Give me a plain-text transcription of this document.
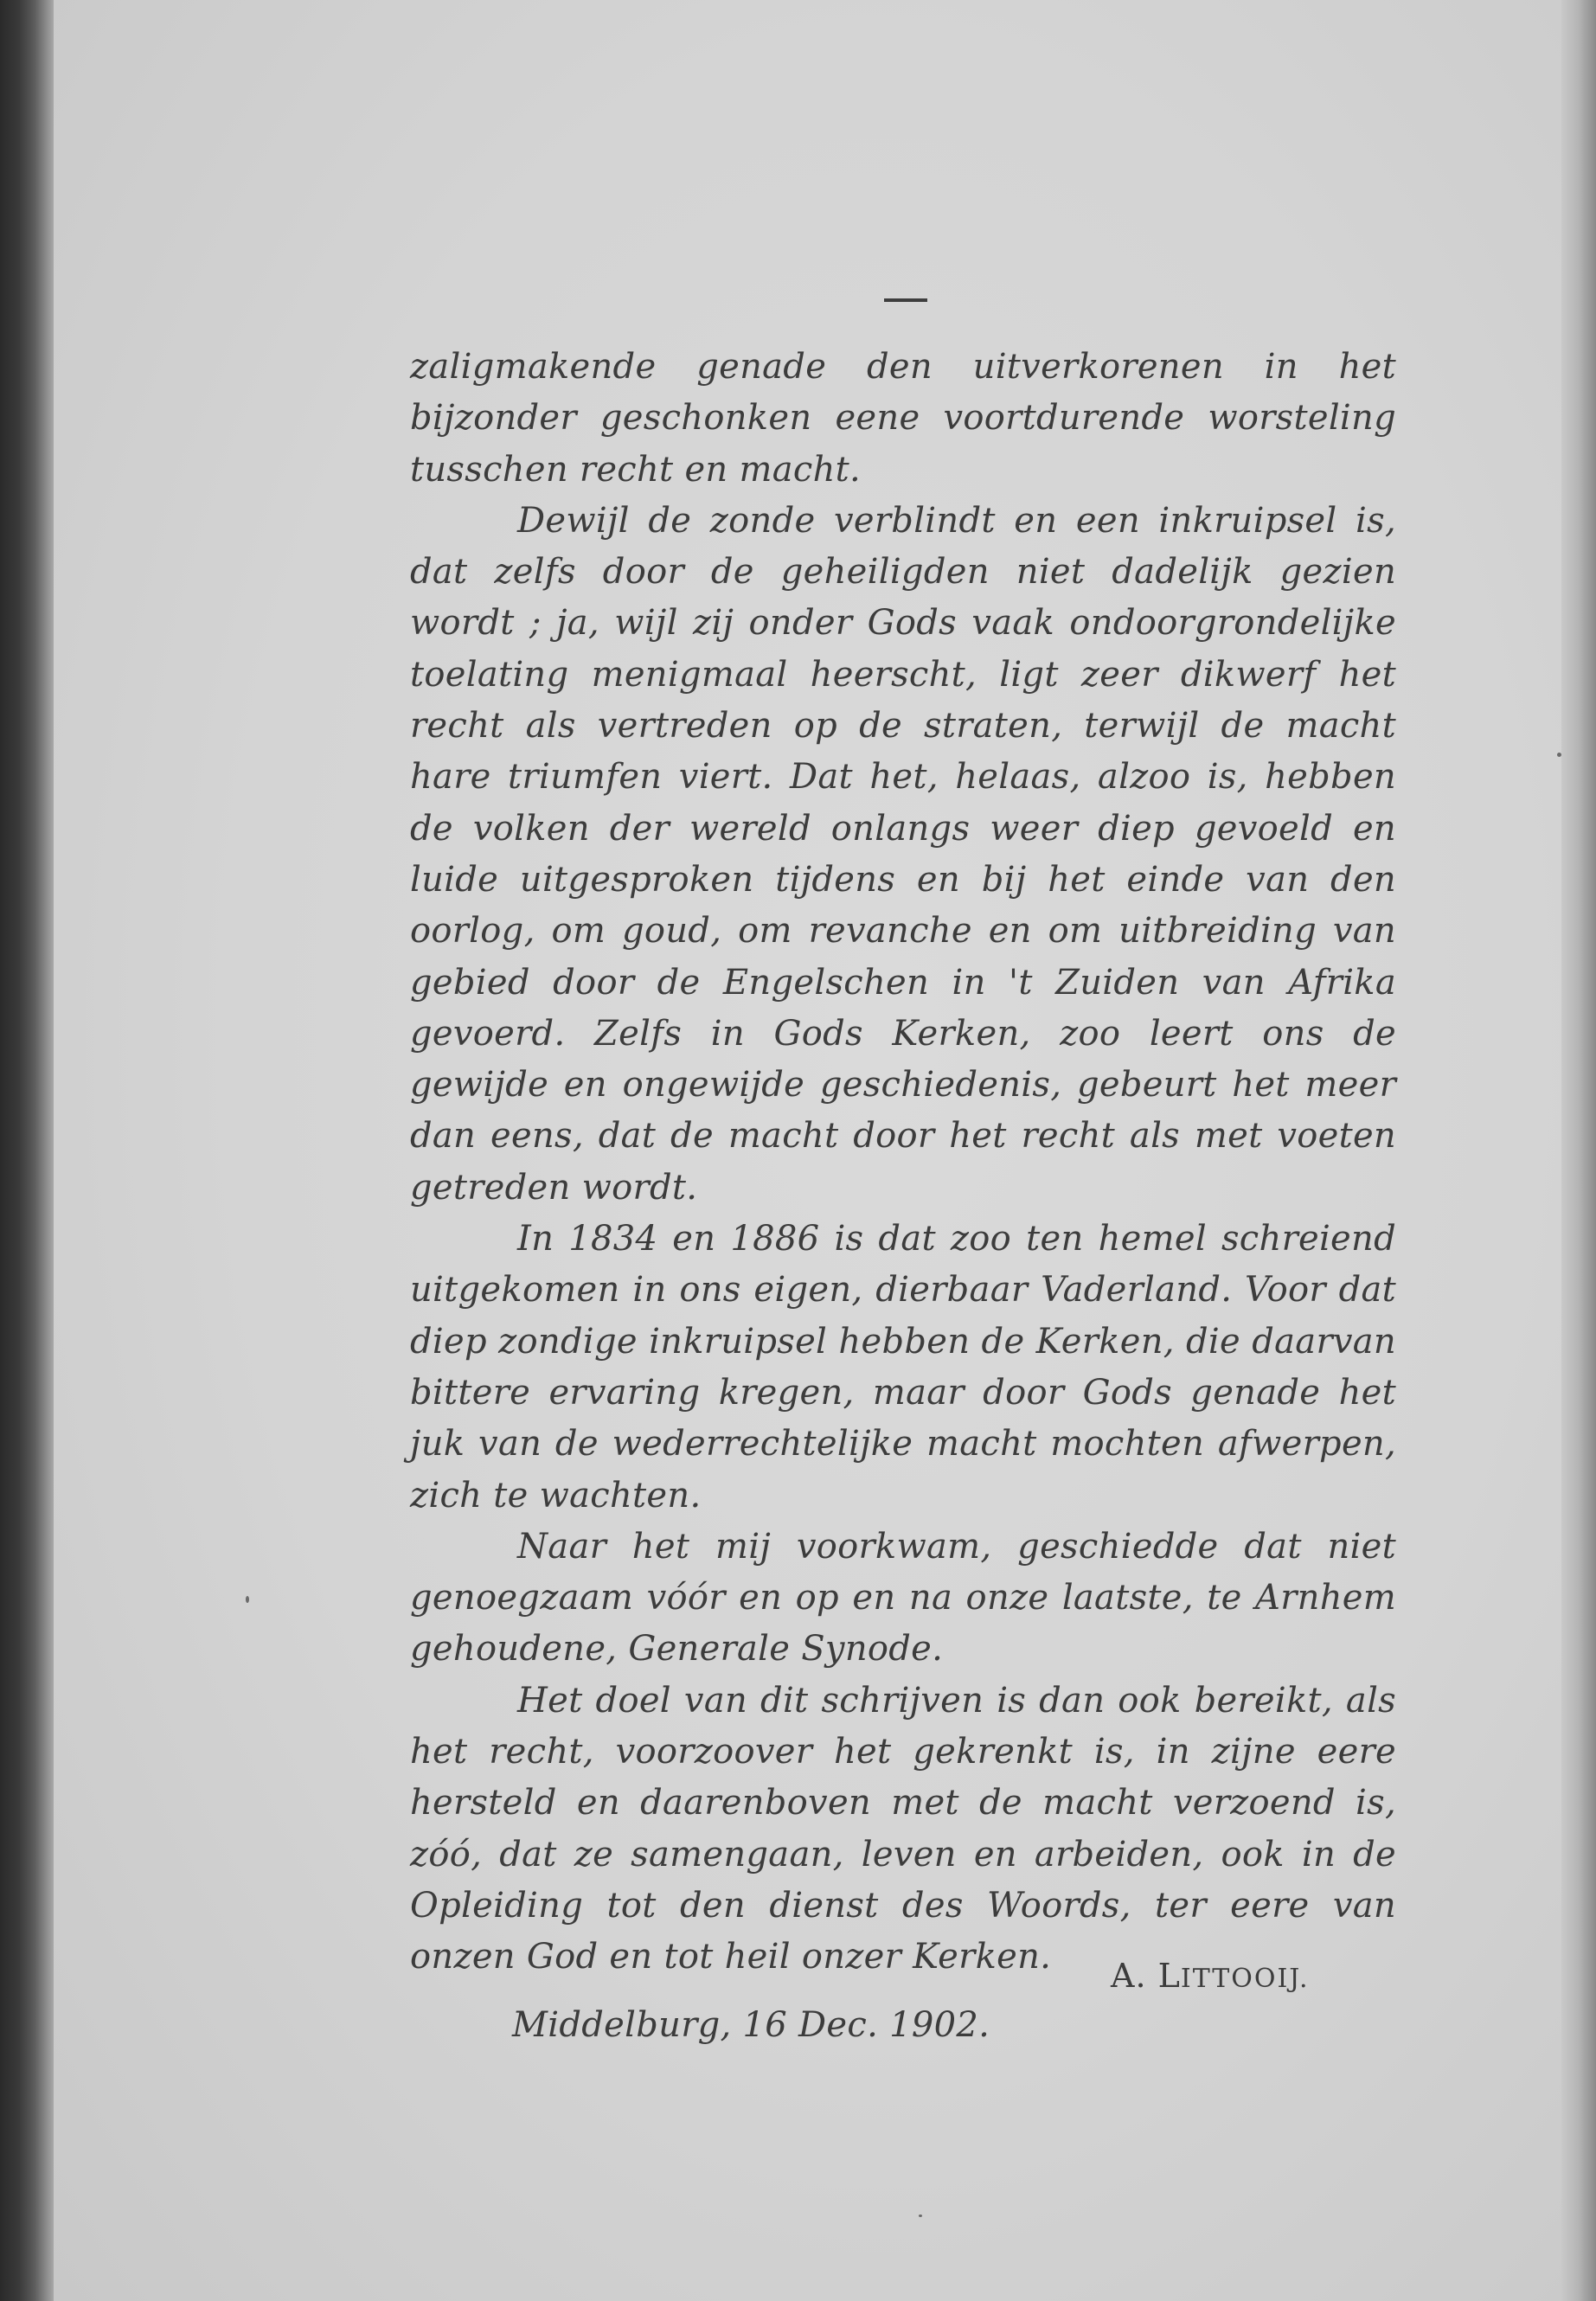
zaligmakende genade den uitverkorenen in het bijzonder geschonken eene voortdurende worsteling tusschen recht en macht.

Dewijl de zonde verblindt en een inkruipsel is, dat zelfs door de geheiligden niet dadelijk gezien wordt ; ja, wijl zij onder Gods vaak ondoorgrondelijke toelating menigmaal heerscht, ligt zeer dikwerf het recht als vertreden op de straten, terwijl de macht hare triumfen viert. Dat het, helaas, alzoo is, hebben de volken der wereld onlangs weer diep gevoeld en luide uitgesproken tijdens en bij het einde van den oorlog, om goud, om revanche en om uitbreiding van gebied door de Engelschen in 't Zuiden van Afrika gevoerd. Zelfs in Gods Kerken, zoo leert ons de gewijde en ongewijde geschiedenis, gebeurt het meer dan eens, dat de macht door het recht als met voeten getreden wordt.

In 1834 en 1886 is dat zoo ten hemel schreiend uitgekomen in ons eigen, dierbaar Vaderland. Voor dat diep zondige inkruipsel hebben de Kerken, die daarvan bittere ervaring kregen, maar door Gods genade het juk van de wederrechtelijke macht mochten afwerpen, zich te wachten.

Naar het mij voorkwam, geschiedde dat niet genoegzaam vóór en op en na onze laatste, te Arnhem gehoudene, Generale Synode.

Het doel van dit schrijven is dan ook bereikt, als het recht, voorzoover het gekrenkt is, in zijne eere hersteld en daarenboven met de macht verzoend is, zóó, dat ze samengaan, leven en arbeiden, ook in de Opleiding tot den dienst des Woords, ter eere van onzen God en tot heil onzer Kerken.	A. LITTOOIJ.
Middelburg, 16 Dec. 1902.
